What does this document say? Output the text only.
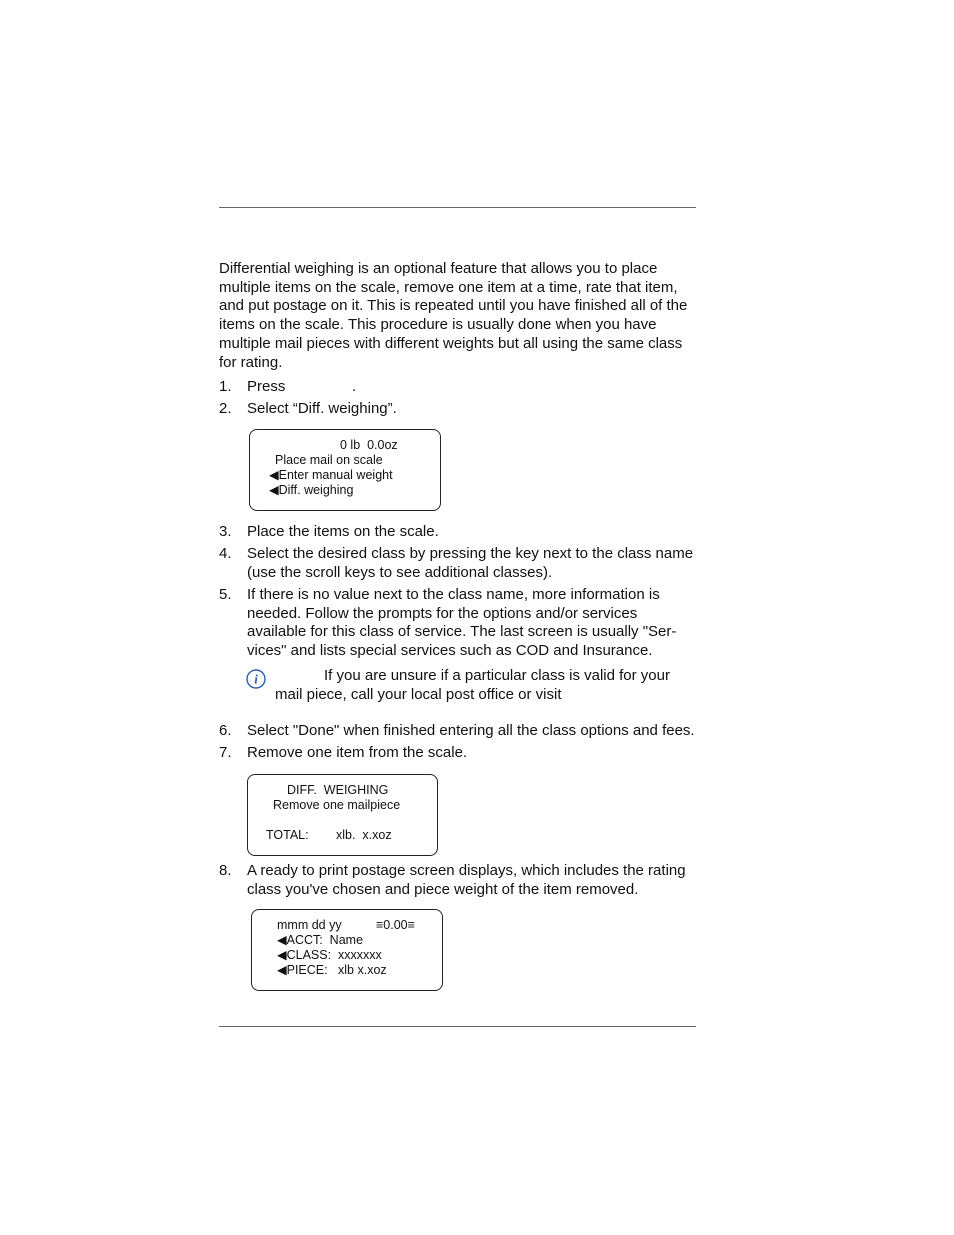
Differential weighing is an optional feature that allows you to place multiple items on the scale, remove one item at a time, rate that item, and put postage on it. This is repeated until you have finished all of the items on the scale. This procedure is usually done when you have multiple mail pieces with different weights but all using the same class for rating.

1. Press                .
2. Select “Diff. weighing”.
0 lb  0.0oz
Place mail on scale
◀Enter manual weight
◀Diff. weighing
3. Place the items on the scale.
4. Select the desired class by pressing the key next to the class name (use the scroll keys to see additional classes).
5. If there is no value next to the class name, more information is needed. Follow the prompts for the options and/or services available for this class of service. The last screen is usually "Ser-vices" and lists special services such as COD and Insurance.
i	If you are unsure if a particular class is valid for your
mail piece, call your local post office or visit
6. Select "Done" when finished entering all the class options and fees.
7. Remove one item from the scale.
DIFF.  WEIGHING
Remove one mailpiece
TOTAL: xlb.  x.xoz
8. A ready to print postage screen displays, which includes the rating class you've chosen and piece weight of the item removed.
mmm dd yy	≡0.00≡
◀ACCT:  Name
◀CLASS:  xxxxxxx
◀PIECE:   xlb x.xoz
